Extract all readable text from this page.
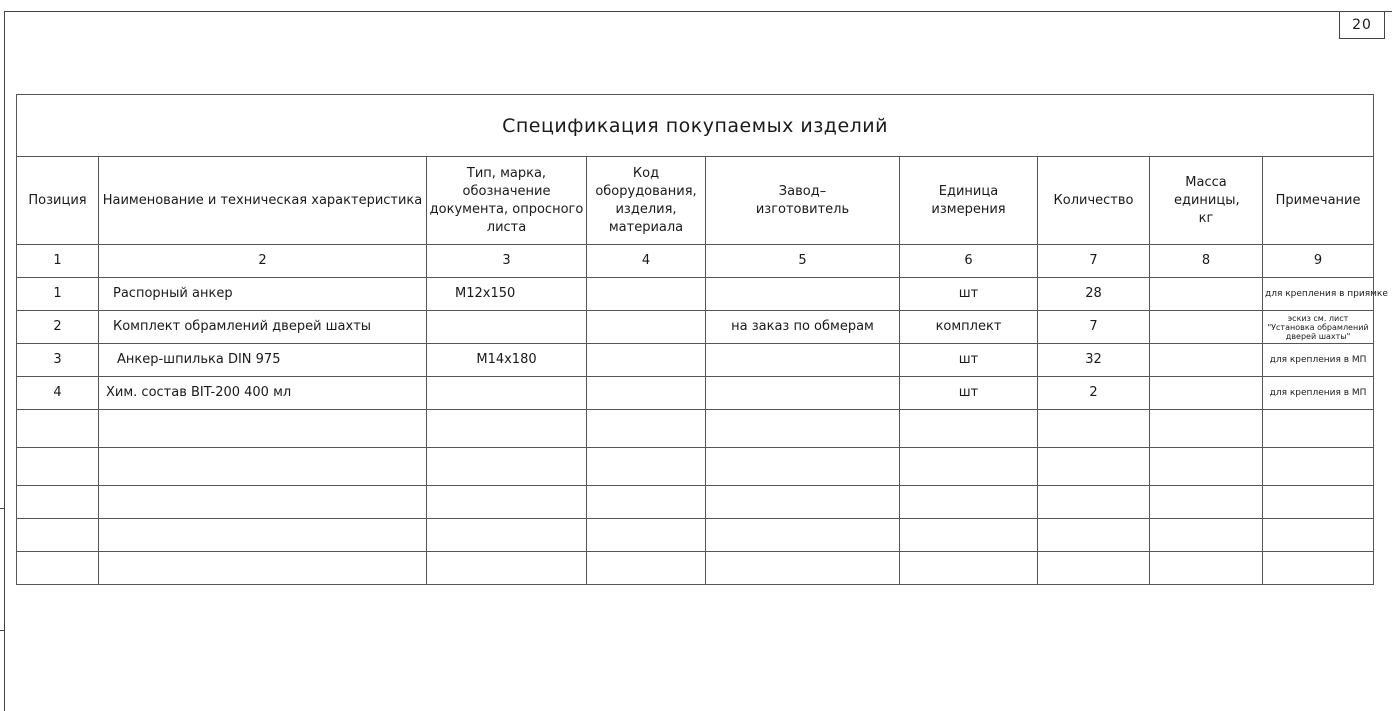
20
Спецификация покупаемых изделий								
Позиция	Наименование и техническая характеристика	Тип, марка, обозначение документа, опросного листа	Код оборудования, изделия, материала	Завод–изготовитель	Единица измерения	Количество	Масса единицы, кг	Примечание
1	2	3	4	5	6	7	8	9
1	Распорный анкер	М12х150			шт	28		для крепления в приямке
2	Комплект обрамлений дверей шахты			на заказ по обмерам	комплект	7		эскиз см. лист "Установка обрамлений дверей шахты"
3	Анкер-шпилька DIN 975	М14х180			шт	32		для крепления в МП
4	Хим. состав BIT-200 400 мл				шт	2		для крепления в МП
